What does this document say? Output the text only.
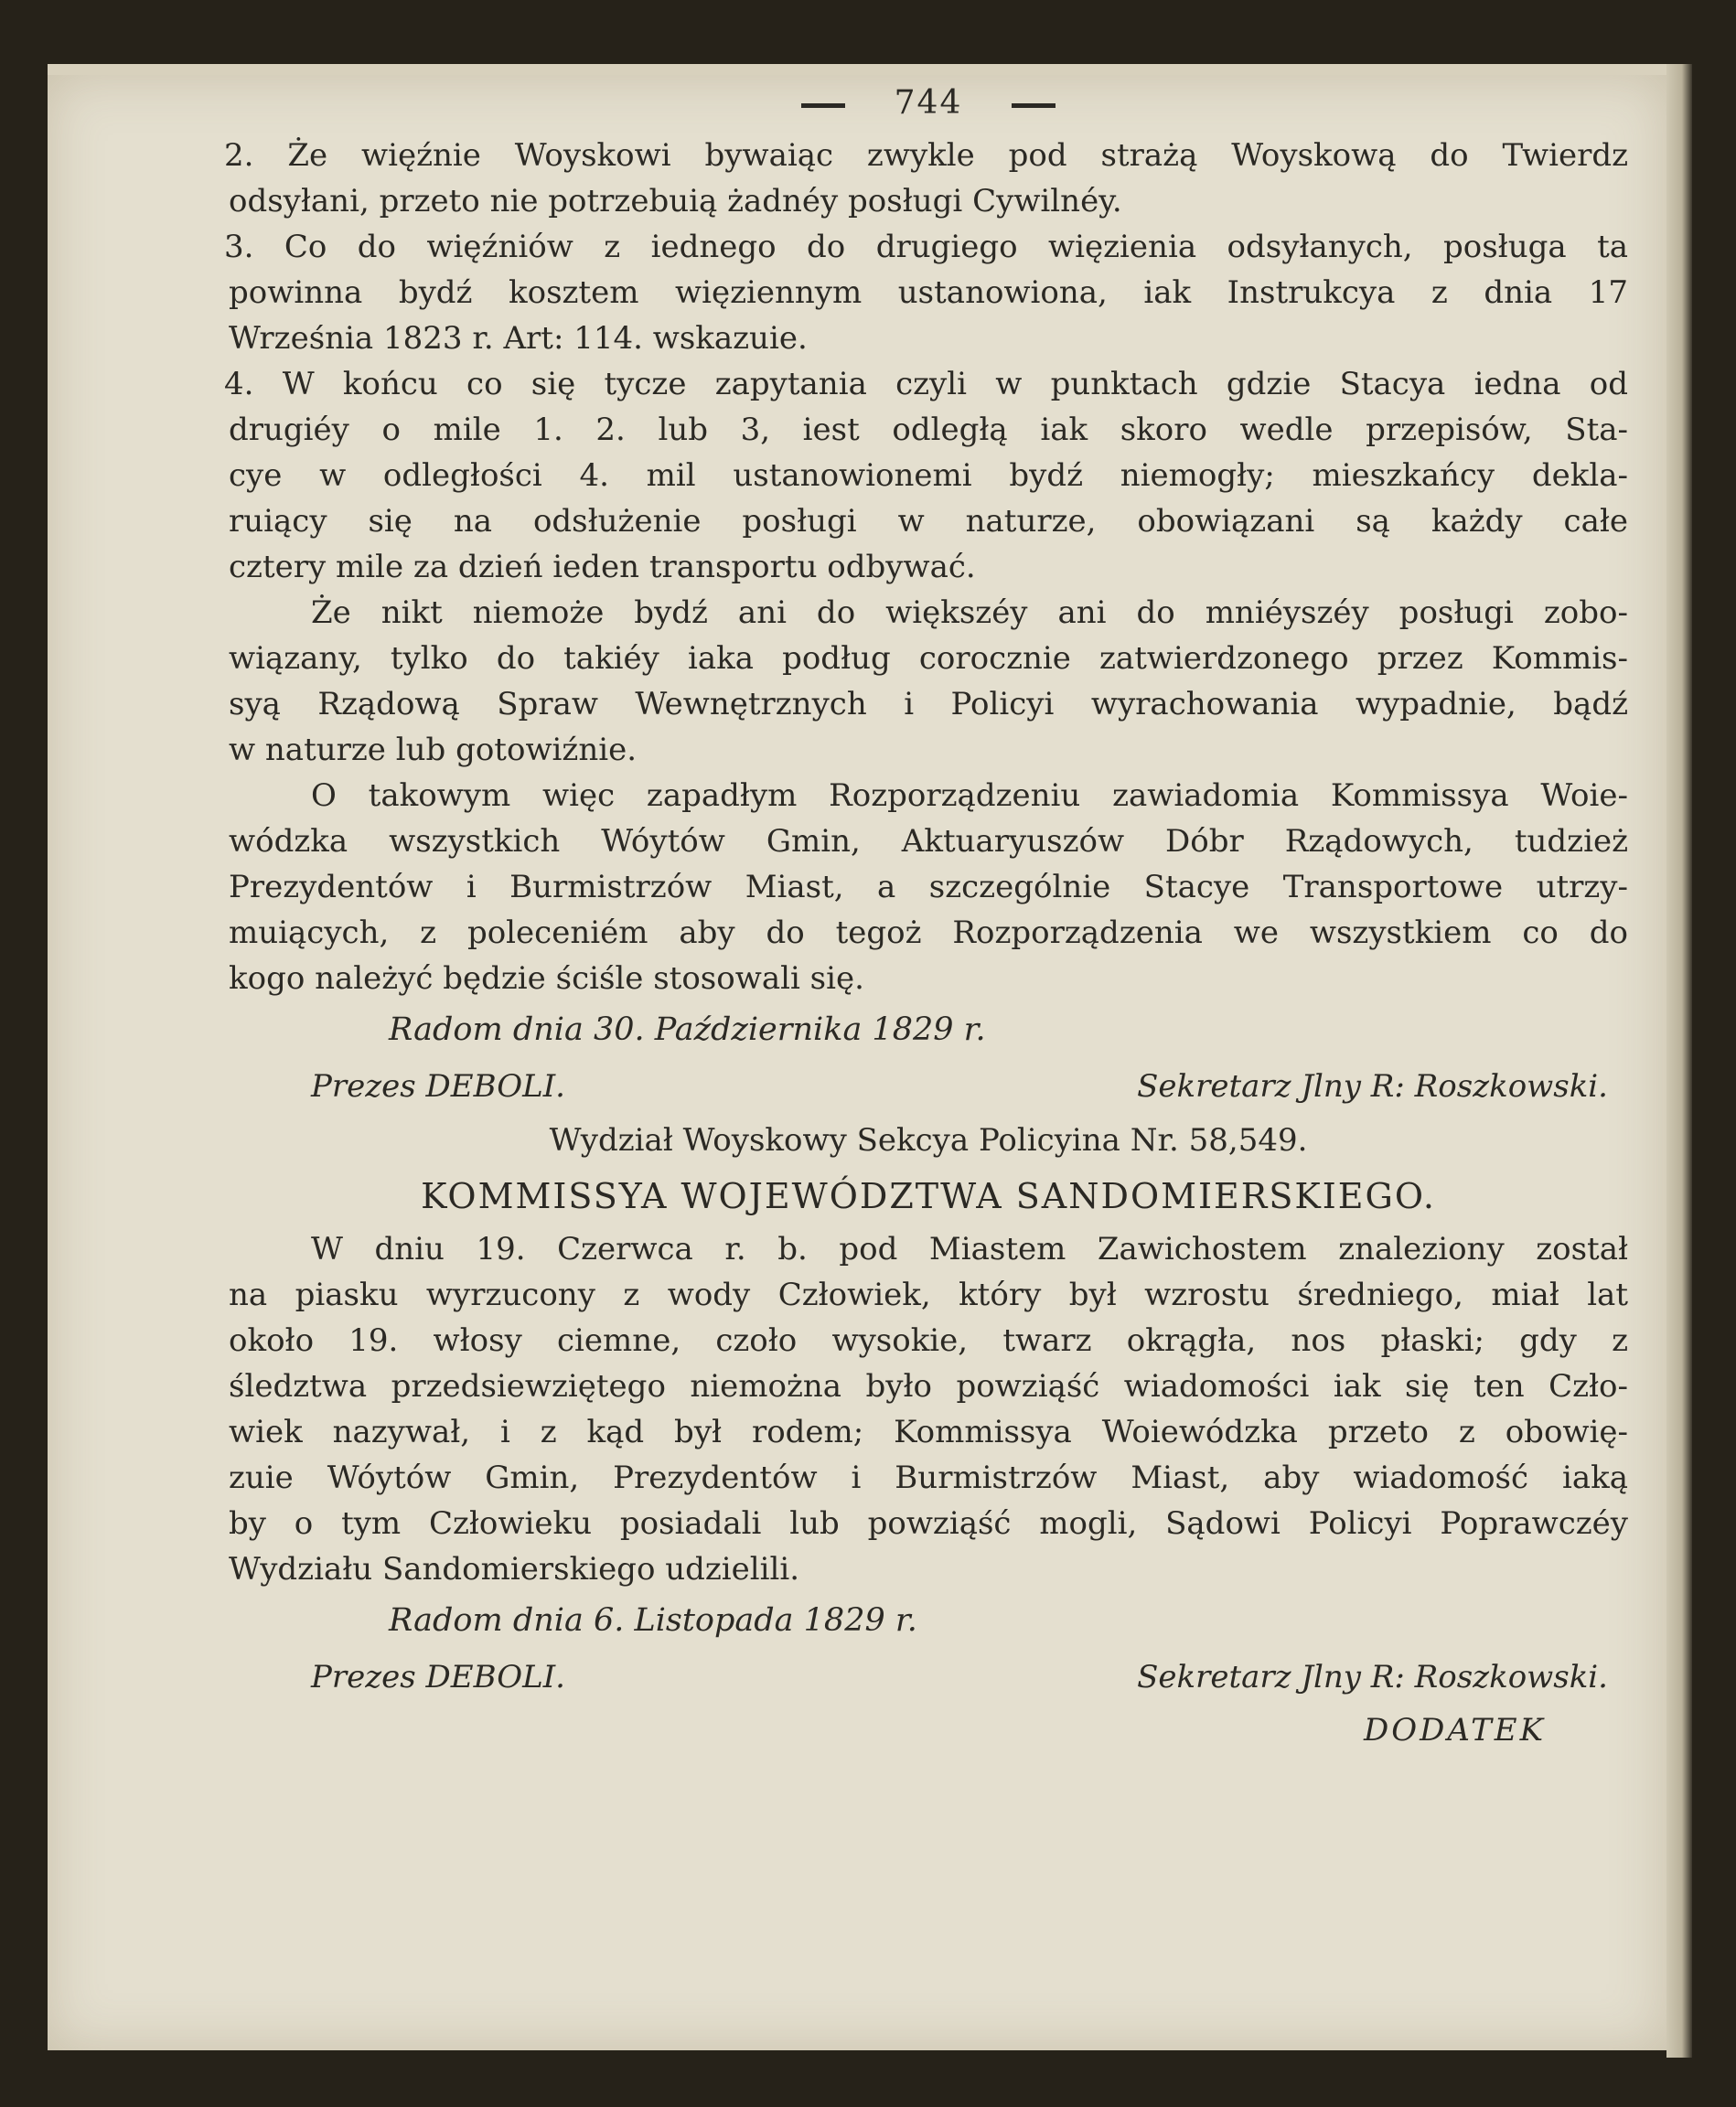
744
2. Że więźnie Woyskowi bywaiąc zwykle pod strażą Woyskową do Twierdz
odsyłani, przeto nie potrzebuią żadnéy posługi Cywilnéy.
3. Co do więźniów z iednego do drugiego więzienia odsyłanych, posługa ta
powinna bydź kosztem więziennym ustanowiona, iak Instrukcya z dnia 17
Września 1823 r. Art: 114. wskazuie.
4. W końcu co się tycze zapytania czyli w punktach gdzie Stacya iedna od
drugiéy o mile 1. 2. lub 3, iest odległą iak skoro wedle przepisów, Sta-
cye w odległości 4. mil ustanowionemi bydź niemogły; mieszkańcy dekla-
ruiący się na odsłużenie posługi w naturze, obowiązani są każdy całe
cztery mile za dzień ieden transportu odbywać.
Że nikt niemoże bydź ani do większéy ani do mniéyszéy posługi zobo-
wiązany, tylko do takiéy iaka podług corocznie zatwierdzonego przez Kommis-
syą Rządową Spraw Wewnętrznych i Policyi wyrachowania wypadnie, bądź
w naturze lub gotowiźnie.
O takowym więc zapadłym Rozporządzeniu zawiadomia Kommissya Woie-
wódzka wszystkich Wóytów Gmin, Aktuaryuszów Dóbr Rządowych, tudzież
Prezydentów i Burmistrzów Miast, a szczególnie Stacye Transportowe utrzy-
muiących, z poleceniém aby do tegoż Rozporządzenia we wszystkiem co do
kogo należyć będzie ściśle stosowali się.
Radom dnia 30. Października 1829 r.
Prezes DEBOLI.	Sekretarz Jlny R: Roszkowski.
Wydział Woyskowy Sekcya Policyina Nr. 58,549.
KOMMISSYA WOJEWÓDZTWA SANDOMIERSKIEGO.
W dniu 19. Czerwca r. b. pod Miastem Zawichostem znaleziony został
na piasku wyrzucony z wody Człowiek, który był wzrostu średniego, miał lat
około 19. włosy ciemne, czoło wysokie, twarz okrągła, nos płaski; gdy z
śledztwa przedsiewziętego niemożna było powziąść wiadomości iak się ten Czło-
wiek nazywał, i z kąd był rodem; Kommissya Woiewódzka przeto z obowię-
zuie Wóytów Gmin, Prezydentów i Burmistrzów Miast, aby wiadomość iaką
by o tym Człowieku posiadali lub powziąść mogli, Sądowi Policyi Poprawczéy
Wydziału Sandomierskiego udzielili.
Radom dnia 6. Listopada 1829 r.
Prezes DEBOLI.	Sekretarz Jlny R: Roszkowski.
DODATEK
